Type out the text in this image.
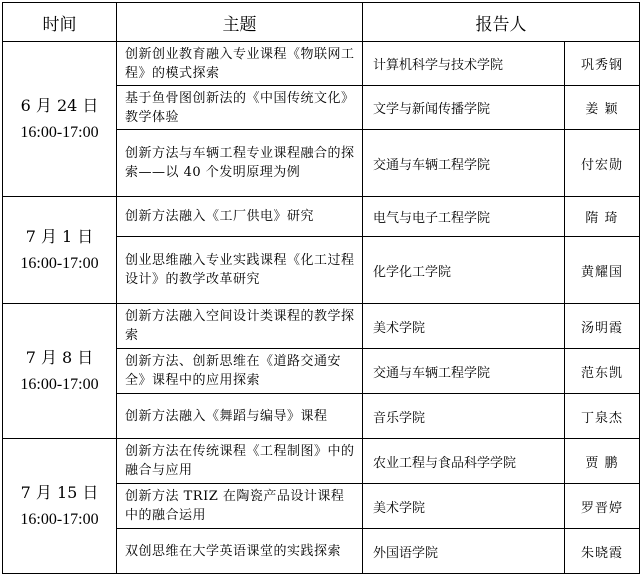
时间	主题	报告人	

6 月 24 日
16:00-17:00	创新创业教育融入专业课程《物联网工程》的模式探索	计算机科学与技术学院	巩秀钢
	基于鱼骨图创新法的《中国传统文化》教学体验	文学与新闻传播学院	姜 颖
	创新方法与车辆工程专业课程融合的探索——以 40 个发明原理为例	交通与车辆工程学院	付宏勋

7 月 1 日
16:00-17:00	创新方法融入《工厂供电》研究	电气与电子工程学院	隋 琦
	创业思维融入专业实践课程《化工过程设计》的教学改革研究	化学化工学院	黄耀国

7 月 8 日
16:00-17:00	创新方法融入空间设计类课程的教学探索	美术学院	汤明霞
	创新方法、创新思维在《道路交通安全》课程中的应用探索	交通与车辆工程学院	范东凯
	创新方法融入《舞蹈与编导》课程	音乐学院	丁泉杰

7 月 15 日
16:00-17:00	创新方法在传统课程《工程制图》中的融合与应用	农业工程与食品科学学院	贾 鹏
	创新方法 TRIZ 在陶瓷产品设计课程中的融合运用	美术学院	罗晋婷
	双创思维在大学英语课堂的实践探索	外国语学院	朱晓霞
